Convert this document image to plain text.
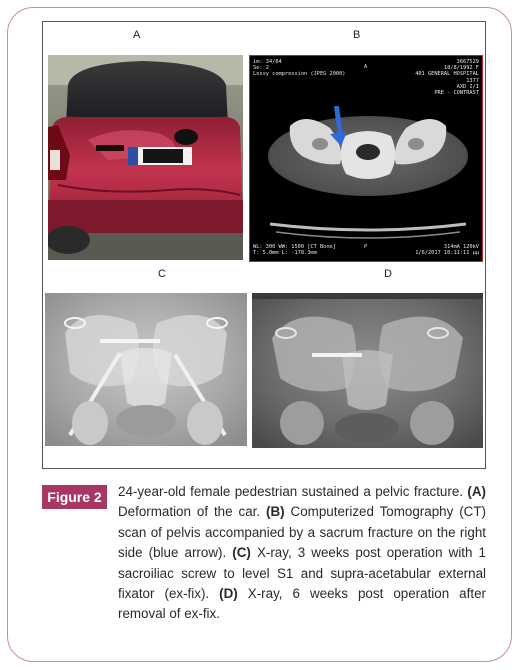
A	B
C	D
im: 34/64
Se: 2
Lossy compression (JPEG 2000)
A
3667529
18/8/1992 F
401 GENERAL HOSPITAL
1377
AXD I/I
PRE - CONTRAST
WL: 300 WW: 1500 [CT Bone]
T: 5.0mm L: -178.3mm
P	314mA 120kV
1/6/2017 10:11:11 μμ
Figure 2	24-year-old female pedestrian sustained a pelvic fracture. (A) Deformation of the car. (B) Computerized Tomography (CT) scan of pelvis accompanied by a sacrum fracture on the right side (blue arrow). (C) X-ray, 3 weeks post operation with 1 sacroiliac screw to level S1 and supra-acetabular external fixator (ex-fix). (D) X-ray, 6 weeks post operation after removal of ex-fix.
